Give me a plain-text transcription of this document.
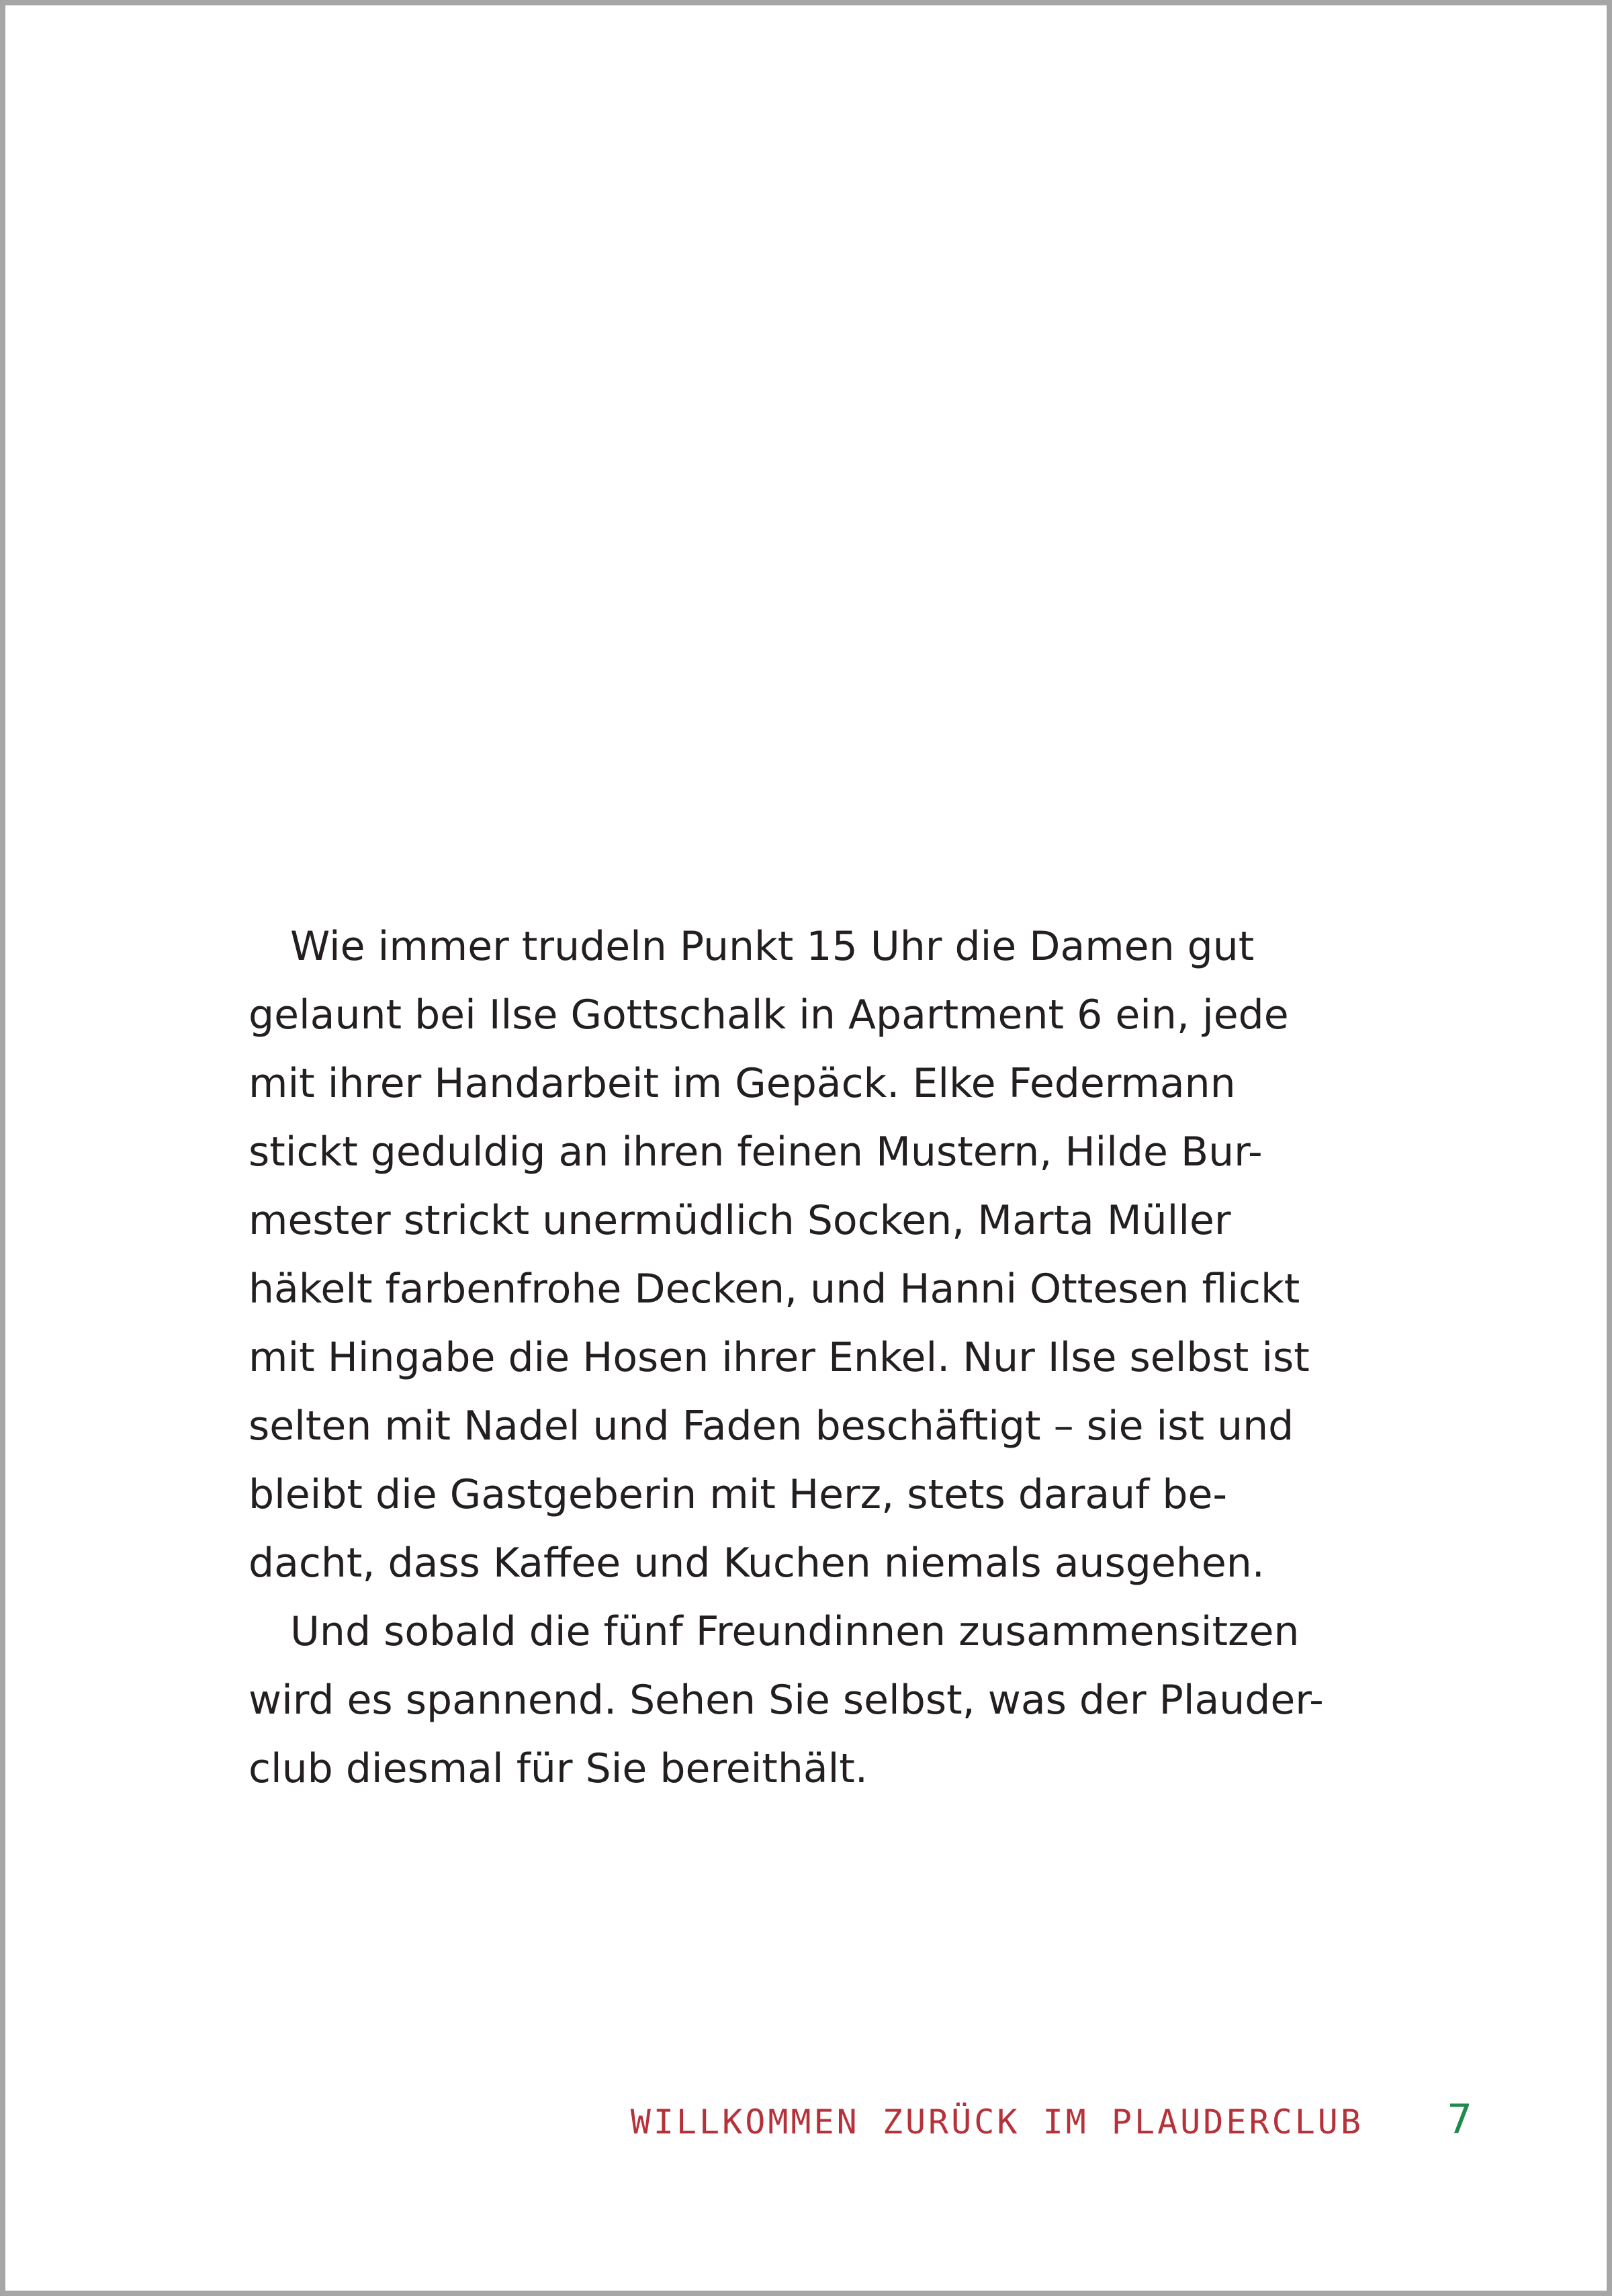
Wie immer trudeln Punkt 15 Uhr die Damen gut
gelaunt bei Ilse Gottschalk in Apartment 6 ein, jede
mit ihrer Handarbeit im Gepäck. Elke Federmann
stickt geduldig an ihren feinen Mustern, Hilde Bur-
mester strickt unermüdlich Socken, Marta Müller
häkelt farbenfrohe Decken, und Hanni Ottesen flickt
mit Hingabe die Hosen ihrer Enkel. Nur Ilse selbst ist
selten mit Nadel und Faden beschäftigt – sie ist und
bleibt die Gastgeberin mit Herz, stets darauf be-
dacht, dass Kaffee und Kuchen niemals ausgehen.
Und sobald die fünf Freundinnen zusammensitzen
wird es spannend. Sehen Sie selbst, was der Plauder-
club diesmal für Sie bereithält.
WILLKOMMEN ZURÜCK IM PLAUDERCLUB 7
